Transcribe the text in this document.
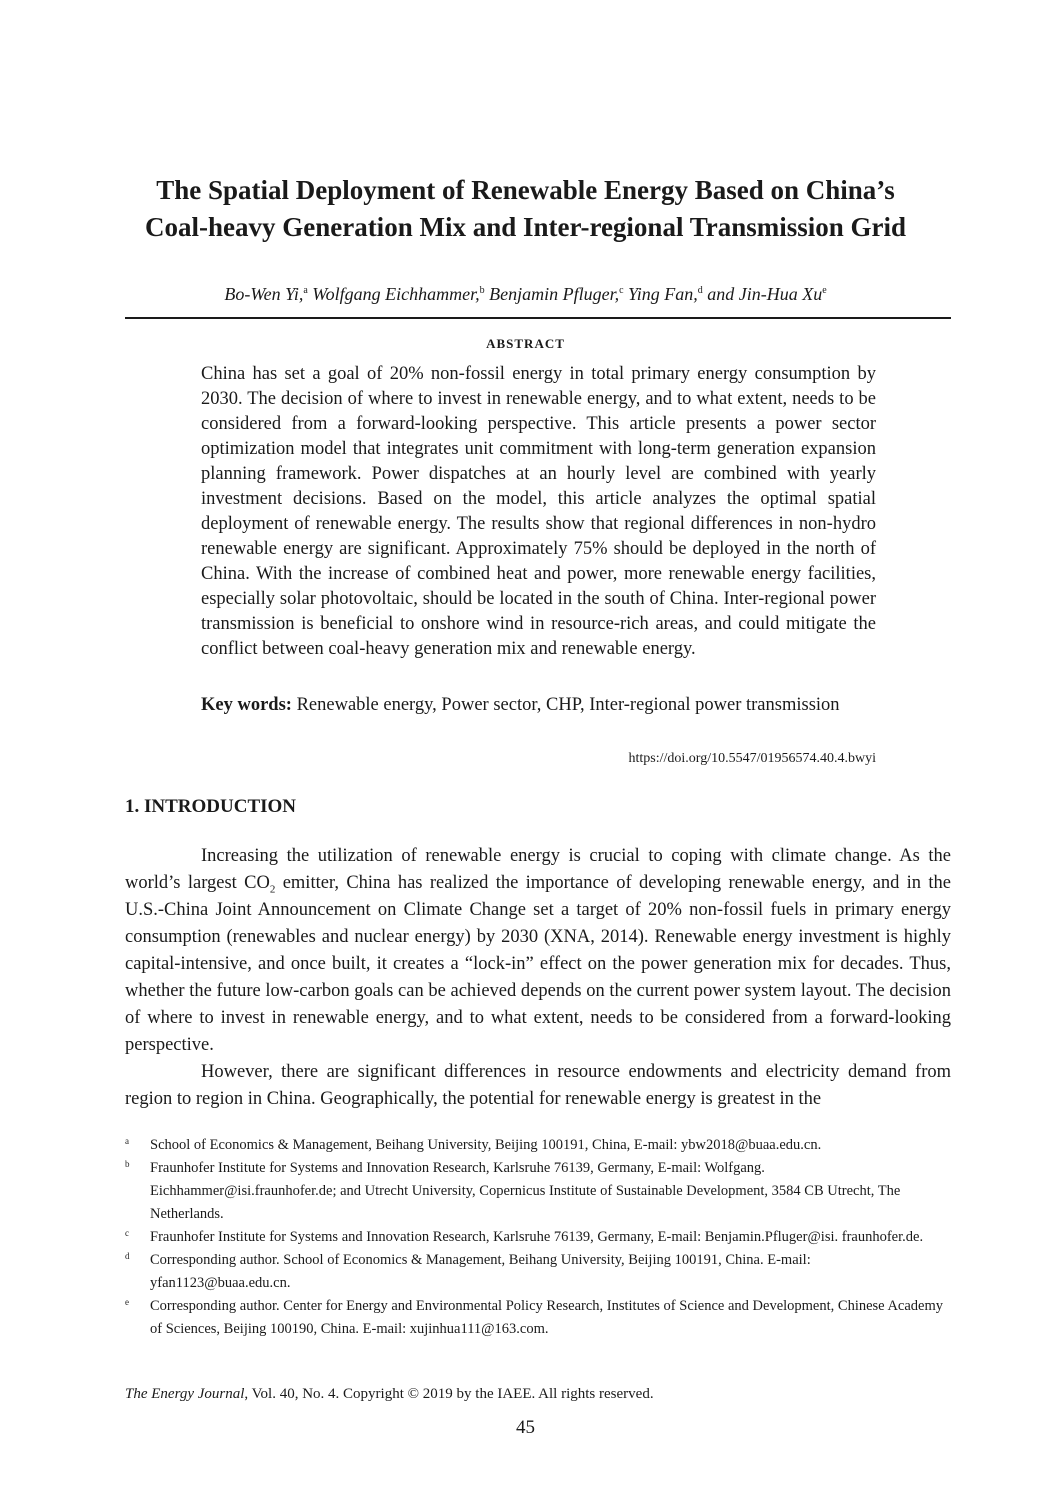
The Spatial Deployment of Renewable Energy Based on China’s
Coal-heavy Generation Mix and Inter-regional Transmission Grid
Bo-Wen Yi,$^a$ Wolfgang Eichhammer,$^b$ Benjamin Pfluger,$^c$ Ying Fan,$^d$ and Jin-Hua Xu$^e$
ABSTRACT

China has set a goal of 20% non-fossil energy in total primary energy consumption by 2030. The decision of where to invest in renewable energy, and to what extent, needs to be considered from a forward-looking perspective. This article presents a power sector optimization model that integrates unit commitment with long-term generation expansion planning framework. Power dispatches at an hourly level are combined with yearly investment decisions. Based on the model, this article analyzes the optimal spatial deployment of renewable energy. The results show that regional differences in non-hydro renewable energy are significant. Approximately 75% should be deployed in the north of China. With the increase of combined heat and power, more renewable energy facilities, especially solar photovoltaic, should be located in the south of China. Inter-regional power transmission is beneficial to onshore wind in resource-rich areas, and could mitigate the conflict between coal-heavy generation mix and renewable energy.

Key words: Renewable energy, Power sector, CHP, Inter-regional power transmission

https://doi.org/10.5547/01956574.40.4.bwyi
1. INTRODUCTION

Increasing the utilization of renewable energy is crucial to coping with climate change. As the world’s largest $CO_2$ emitter, China has realized the importance of developing renewable energy, and in the U.S.-China Joint Announcement on Climate Change set a target of 20% non-fossil fuels in primary energy consumption (renewables and nuclear energy) by 2030 (XNA, 2014). Renewable energy investment is highly capital-intensive, and once built, it creates a “lock-in” effect on the power generation mix for decades. Thus, whether the future low-carbon goals can be achieved depends on the current power system layout. The decision of where to invest in renewable energy, and to what extent, needs to be considered from a forward-looking perspective.

However, there are significant differences in resource endowments and electricity demand from region to region in China. Geographically, the potential for renewable energy is greatest in the

a School of Economics & Management, Beihang University, Beijing 100191, China, E-mail: ybw2018@buaa.edu.cn.
b Fraunhofer Institute for Systems and Innovation Research, Karlsruhe 76139, Germany, E-mail: Wolfgang. Eichhammer@isi.fraunhofer.de; and Utrecht University, Copernicus Institute of Sustainable Development, 3584 CB Utrecht, The Netherlands.
c Fraunhofer Institute for Systems and Innovation Research, Karlsruhe 76139, Germany, E-mail: Benjamin.Pfluger@isi. fraunhofer.de.
d Corresponding author. School of Economics & Management, Beihang University, Beijing 100191, China. E-mail: yfan1123@buaa.edu.cn.
e Corresponding author. Center for Energy and Environmental Policy Research, Institutes of Science and Development, Chinese Academy of Sciences, Beijing 100190, China. E-mail: xujinhua111@163.com.
The Energy Journal, Vol. 40, No. 4. Copyright © 2019 by the IAEE. All rights reserved.
45
